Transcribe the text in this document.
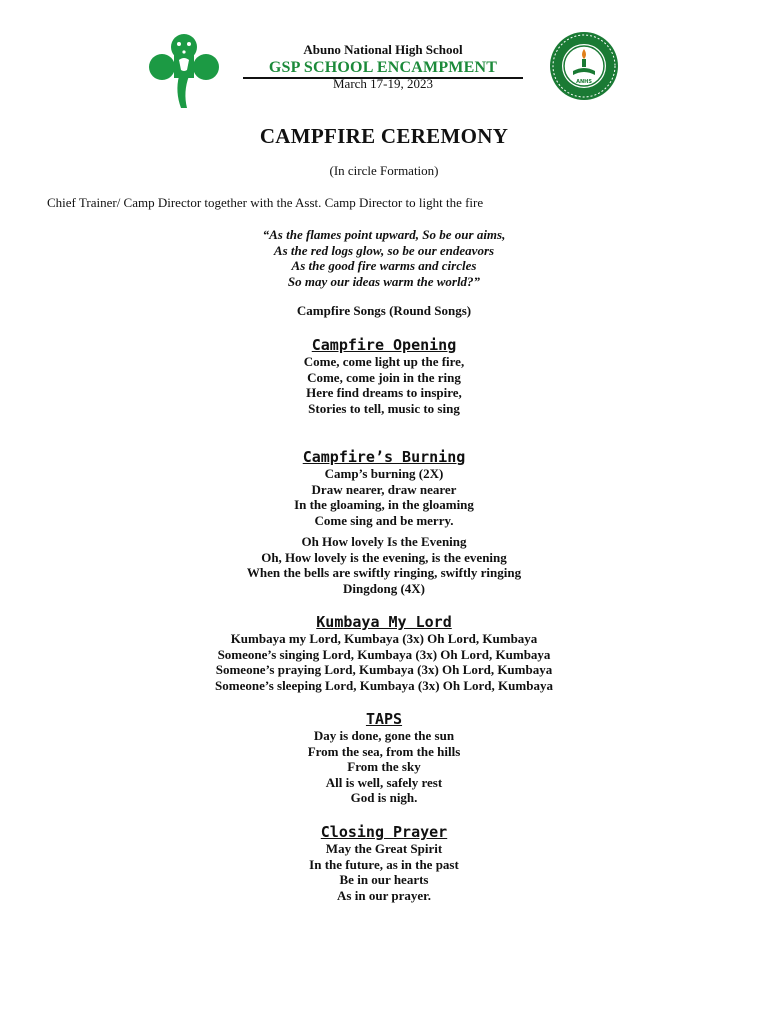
Abuno National High School
GSP SCHOOL ENCAMPMENT
March 17-19, 2023	ANHS
CAMPFIRE CEREMONY
(In circle Formation)
Chief Trainer/ Camp Director together with the Asst. Camp Director to light the fire
“As the flames point upward, So be our aims,
As the red logs glow, so be our endeavors
As the good fire warms and circles
So may our ideas warm the world?”
Campfire Songs (Round Songs)
Campfire Opening
Come, come light up the fire,
Come, come join in the ring
Here find dreams to inspire,
Stories to tell, music to sing
Campfire’s Burning
Camp’s burning (2X)
Draw nearer, draw nearer
In the gloaming, in the gloaming
Come sing and be merry.
Oh How lovely Is the Evening
Oh, How lovely is the evening, is the evening
When the bells are swiftly ringing, swiftly ringing
Dingdong (4X)
Kumbaya My Lord
Kumbaya my Lord, Kumbaya (3x) Oh Lord, Kumbaya
Someone’s singing Lord, Kumbaya (3x) Oh Lord, Kumbaya
Someone’s praying Lord, Kumbaya (3x) Oh Lord, Kumbaya
Someone’s sleeping Lord, Kumbaya (3x) Oh Lord, Kumbaya
TAPS
Day is done, gone the sun
From the sea, from the hills
From the sky
All is well, safely rest
God is nigh.
Closing Prayer
May the Great Spirit
In the future, as in the past
Be in our hearts
As in our prayer.
